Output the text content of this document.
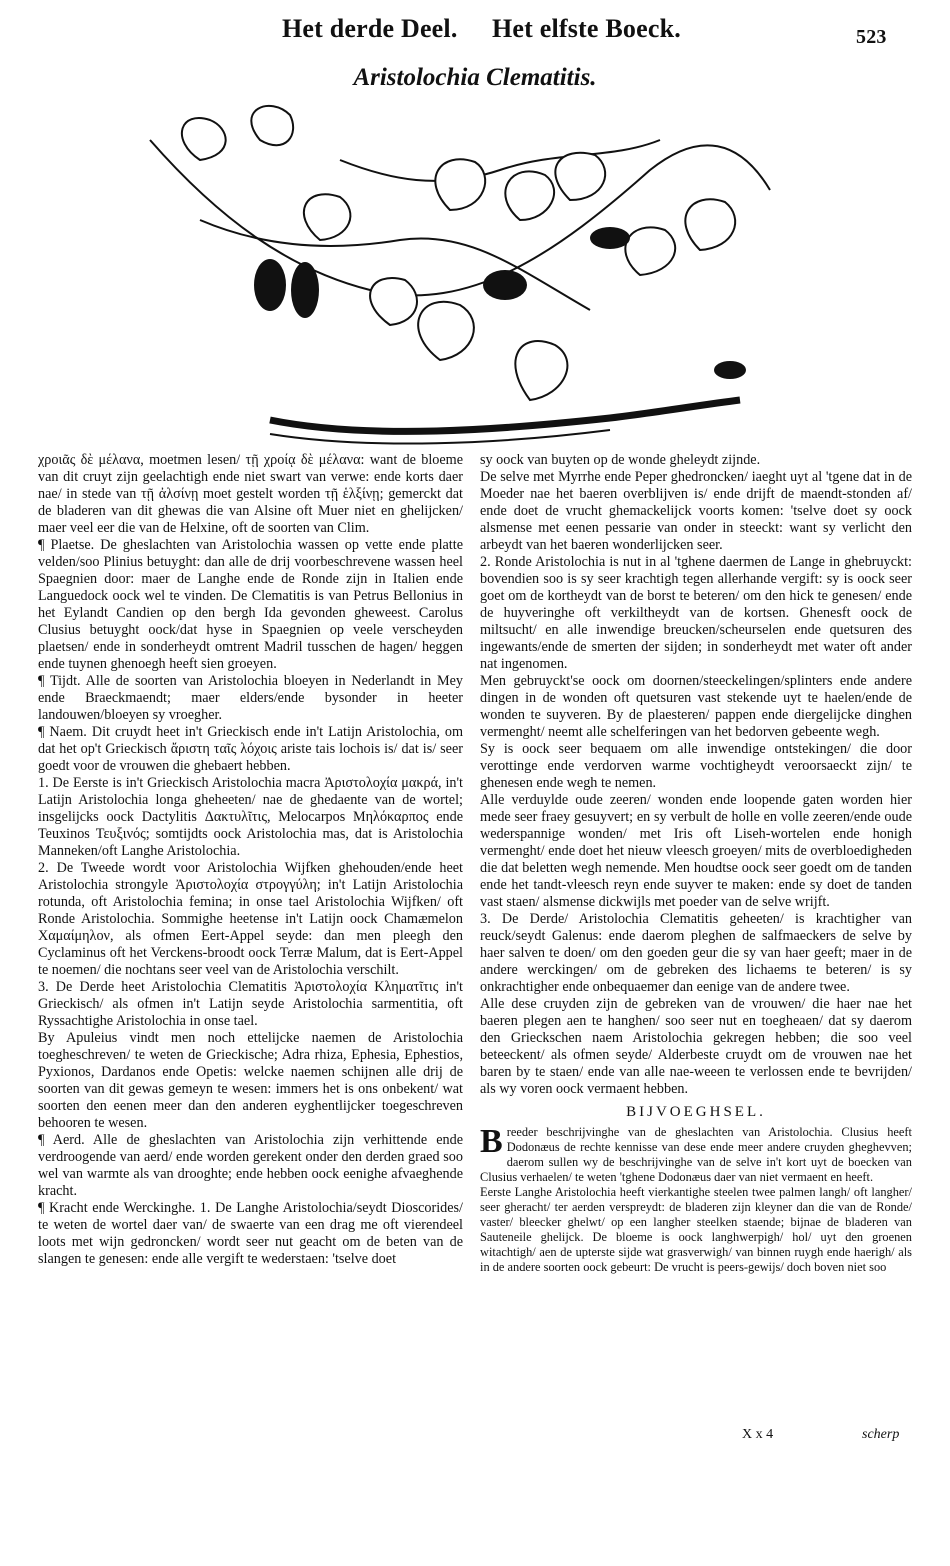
Het derde Deel. Het elfste Boeck.	523
Aristolochia Clematitis.

χροιᾶς δὲ μέλανα, moetmen lesen/ τῇ χροίᾳ δὲ μέλανα: want de bloeme van dit cruyt zijn geelachtigh ende niet swart van verwe: ende korts daer nae/ in stede van τῇ ἀλσίνῃ moet gestelt worden τῇ ἑλξίνῃ; gemerckt dat de bladeren van dit ghewas die van Alsine oft Muer niet en ghelijcken/ maer veel eer die van de Helxine, oft de soorten van Clim.

¶ Plaetse. De gheslachten van Aristolochia wassen op vette ende platte velden/soo Plinius betuyght: dan alle de drij voorbeschrevene wassen heel Spaegnien door: maer de Langhe ende de Ronde zijn in Italien ende Languedock oock wel te vinden. De Clematitis is van Petrus Bellonius in het Eylandt Candien op den bergh Ida gevonden gheweest. Carolus Clusius betuyght oock/dat hyse in Spaegnien op veele verscheyden plaetsen/ ende in sonderheydt omtrent Madril tusschen de hagen/ heggen ende tuynen ghenoegh heeft sien groeyen.

¶ Tijdt. Alle de soorten van Aristolochia bloeyen in Nederlandt in Mey ende Braeckmaendt; maer elders/ende bysonder in heeter landouwen/bloeyen sy vroegher.

¶ Naem. Dit cruydt heet in't Grieckisch ende in't Latijn Aristolochia, om dat het op't Grieckisch ἄριστη ταῖς λόχοις ariste tais lochois is/ dat is/ seer goedt voor de vrouwen die ghebaert hebben.

1. De Eerste is in't Grieckisch Aristolochia macra Ἀριστολοχία μακρά, in't Latijn Aristolochia longa gheheeten/ nae de ghedaente van de wortel; insgelijcks oock Dactylitis Δακτυλῖτις, Melocarpos Μηλόκαρπος ende Teuxinos Τευξινός; somtijdts oock Aristolochia mas, dat is Aristolochia Manneken/oft Langhe Aristolochia.

2. De Tweede wordt voor Aristolochia Wijfken ghehouden/ende heet Aristolochia strongyle Ἀριστολοχία στρογγύλη; in't Latijn Aristolochia rotunda, oft Aristolochia femina; in onse tael Aristolochia Wijfken/ oft Ronde Aristolochia. Sommighe heetense in't Latijn oock Chamæmelon Χαμαίμηλον, als ofmen Eert-Appel seyde: dan men pleegh den Cyclaminus oft het Verckens-broodt oock Terræ Malum, dat is Eert-Appel te noemen/ die nochtans seer veel van de Aristolochia verschilt.

3. De Derde heet Aristolochia Clematitis Ἀριστολοχία Κληματῖτις in't Grieckisch/ als ofmen in't Latijn seyde Aristolochia sarmentitia, oft Ryssachtighe Aristolochia in onse tael.

By Apuleius vindt men noch ettelijcke naemen de Aristolochia toegheschreven/ te weten de Grieckische; Adra rhiza, Ephesia, Ephestios, Pyxionos, Dardanos ende Opetis: welcke naemen schijnen alle drij de soorten van dit gewas gemeyn te wesen: immers het is ons onbekent/ wat soorten den eenen meer dan den anderen eyghentlijcker toegeschreven behooren te wesen.

¶ Aerd. Alle de gheslachten van Aristolochia zijn verhittende ende verdroogende van aerd/ ende worden gerekent onder den derden graed soo wel van warmte als van drooghte; ende hebben oock eenighe afvaeghende kracht.

¶ Kracht ende Werckinghe. 1. De Langhe Aristolochia/seydt Dioscorides/ te weten de wortel daer van/ de swaerte van een drag me oft vierendeel loots met wijn gedroncken/ wordt seer nut geacht om de beten van de slangen te genesen: ende alle vergift te wederstaen: 'tselve doet

sy oock van buyten op de wonde gheleydt zijnde.

De selve met Myrrhe ende Peper ghedroncken/ iaeght uyt al 'tgene dat in de Moeder nae het baeren overblijven is/ ende drijft de maendt-stonden af/ ende doet de vrucht ghemackelijck voorts komen: 'tselve doet sy oock alsmense met eenen pessarie van onder in steeckt: want sy verlicht den arbeydt van het baeren wonderlijcken seer.

2. Ronde Aristolochia is nut in al 'tghene daermen de Lange in ghebruyckt: bovendien soo is sy seer krachtigh tegen allerhande vergift: sy is oock seer goet om de kortheydt van de borst te beteren/ om den hick te genesen/ ende de huyveringhe oft verkiltheydt van de kortsen. Ghenesft oock de miltsucht/ en alle inwendige breucken/scheurselen ende quetsuren des ingewants/ende de smerten der sijden; in sonderheydt met water oft ander nat ingenomen.

Men gebruyckt'se oock om doornen/steeckelingen/splinters ende andere dingen in de wonden oft quetsuren vast stekende uyt te haelen/ende de wonden te suyveren. By de plaesteren/ pappen ende diergelijcke dinghen vermenght/ neemt alle schelferingen van het bedorven gebeente wegh.

Sy is oock seer bequaem om alle inwendige ontstekingen/ die door verottinge ende verdorven warme vochtigheydt veroorsaeckt zijn/ te ghenesen ende wegh te nemen.

Alle verduylde oude zeeren/ wonden ende loopende gaten worden hier mede seer fraey gesuyvert; en sy verbult de holle en volle zeeren/ende oude wederspannige wonden/ met Iris oft Liseh-wortelen ende honigh vermenght/ ende doet het nieuw vleesch groeyen/ mits de overbloedigheden die dat beletten wegh nemende. Men houdtse oock seer goedt om de tanden ende het tandt-vleesch reyn ende suyver te maken: ende sy doet de tanden vast staen/ alsmense dickwijls met poeder van de selve wrijft.

3. De Derde/ Aristolochia Clematitis geheeten/ is krachtigher van reuck/seydt Galenus: ende daerom pleghen de salfmaeckers de selve by haer salven te doen/ om den goeden geur die sy van haer geeft; maer in de andere werckingen/ om de gebreken des lichaems te beteren/ is sy onkrachtigher ende onbequaemer dan eenige van de andere twee.

Alle dese cruyden zijn de gebreken van de vrouwen/ die haer nae het baeren plegen aen te hanghen/ soo seer nut en toegheaen/ dat sy daerom den Grieckschen naem Aristolochia gekregen hebben; die soo veel beteeckent/ als ofmen seyde/ Alderbeste cruydt om de vrouwen nae het baren by te staen/ ende van alle nae-weeen te verlossen ende te bevrijden/ als wy voren oock vermaent hebben.

BIJVOEGHSEL.

Breeder beschrijvinghe van de gheslachten van Aristolochia. Clusius heeft Dodonæus de rechte kennisse van dese ende meer andere cruyden gheghevven; daerom sullen wy de beschrijvinghe van de selve in't kort uyt de boecken van Clusius verhaelen/ te weten 'tghene Dodonæus daer van niet vermaent en heeft.

Eerste Langhe Aristolochia heeft vierkantighe steelen twee palmen langh/ oft langher/ seer gheracht/ ter aerden verspreydt: de bladeren zijn kleyner dan die van de Ronde/ vaster/ bleecker ghelwt/ op een langher steelken staende; bijnae de bladeren van Sauteneile ghelijck. De bloeme is oock langhwerpigh/ hol/ uyt den groenen witachtigh/ aen de upterste sijde wat grasverwigh/ van binnen ruygh ende haerigh/ als in de andere soorten oock gebeurt: De vrucht is peers-gewijs/ doch boven niet soo

X x 4	scherp
